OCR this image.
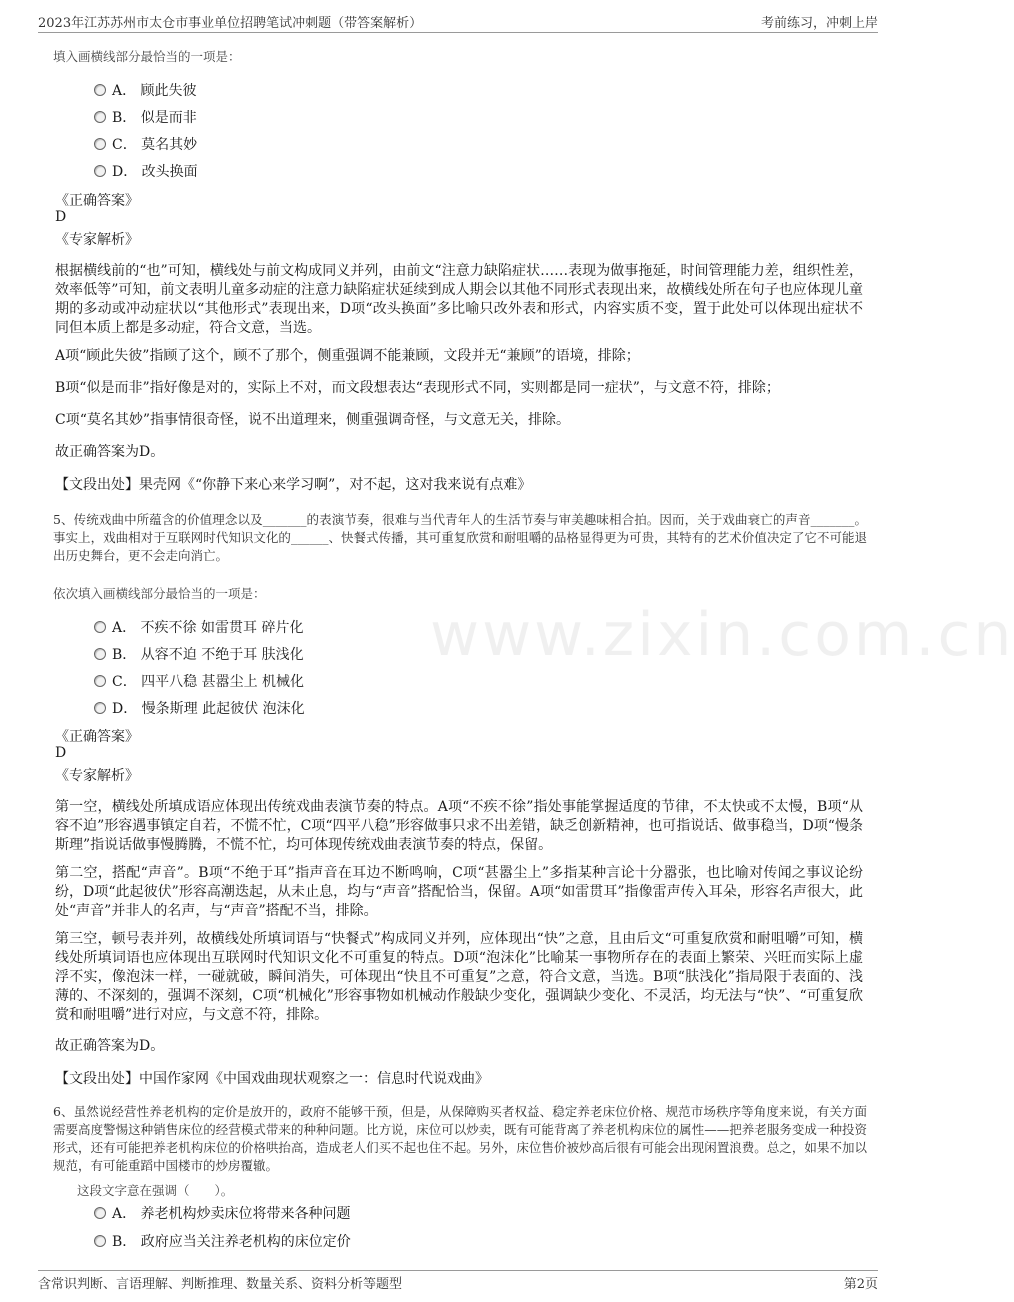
2023年江苏苏州市太仓市事业单位招聘笔试冲刺题（带答案解析）	考前练习，冲刺上岸
www.zixin.com.cn
填入画横线部分最恰当的一项是：
A． 顾此失彼
B． 似是而非
C． 莫名其妙
D． 改头换面
《正确答案》
D
《专家解析》
根据横线前的“也”可知，横线处与前文构成同义并列，由前文“注意力缺陷症状……表现为做事拖延，时间管理能力差，组织性差，效率低等”可知，前文表明儿童多动症的注意力缺陷症状延续到成人期会以其他不同形式表现出来，故横线处所在句子也应体现儿童期的多动或冲动症状以“其他形式”表现出来，D项“改头换面”多比喻只改外表和形式，内容实质不变，置于此处可以体现出症状不同但本质上都是多动症，符合文意，当选。
A项“顾此失彼”指顾了这个，顾不了那个，侧重强调不能兼顾，文段并无“兼顾”的语境，排除；
B项“似是而非”指好像是对的，实际上不对，而文段想表达“表现形式不同，实则都是同一症状”，与文意不符，排除；
C项“莫名其妙”指事情很奇怪，说不出道理来，侧重强调奇怪，与文意无关，排除。
故正确答案为D。
【文段出处】果壳网《“你静下来心来学习啊”，对不起，这对我来说有点难》
5、传统戏曲中所蕴含的价值理念以及_______的表演节奏，很难与当代青年人的生活节奏与审美趣味相合拍。因而，关于戏曲衰亡的声音_______。事实上，戏曲相对于互联网时代知识文化的______、快餐式传播，其可重复欣赏和耐咀嚼的品格显得更为可贵，其特有的艺术价值决定了它不可能退出历史舞台，更不会走向消亡。
依次填入画横线部分最恰当的一项是：
A． 不疾不徐 如雷贯耳 碎片化
B． 从容不迫 不绝于耳 肤浅化
C． 四平八稳 甚嚣尘上 机械化
D． 慢条斯理 此起彼伏 泡沫化
《正确答案》
D
《专家解析》
第一空，横线处所填成语应体现出传统戏曲表演节奏的特点。A项“不疾不徐”指处事能掌握适度的节律，不太快或不太慢，B项“从容不迫”形容遇事镇定自若，不慌不忙，C项“四平八稳”形容做事只求不出差错，缺乏创新精神，也可指说话、做事稳当，D项“慢条斯理”指说话做事慢腾腾，不慌不忙，均可体现传统戏曲表演节奏的特点，保留。
第二空，搭配“声音”。B项“不绝于耳”指声音在耳边不断鸣响，C项“甚嚣尘上”多指某种言论十分嚣张，也比喻对传闻之事议论纷纷，D项“此起彼伏”形容高潮迭起，从未止息，均与“声音”搭配恰当，保留。A项“如雷贯耳”指像雷声传入耳朵，形容名声很大，此处“声音”并非人的名声，与“声音”搭配不当，排除。
第三空，顿号表并列，故横线处所填词语与“快餐式”构成同义并列，应体现出“快”之意，且由后文“可重复欣赏和耐咀嚼”可知，横线处所填词语也应体现出互联网时代知识文化不可重复的特点。D项“泡沫化”比喻某一事物所存在的表面上繁荣、兴旺而实际上虚浮不实，像泡沫一样，一碰就破，瞬间消失，可体现出“快且不可重复”之意，符合文意，当选。B项“肤浅化”指局限于表面的、浅薄的、不深刻的，强调不深刻，C项“机械化”形容事物如机械动作般缺少变化，强调缺少变化、不灵活，均无法与“快”、“可重复欣赏和耐咀嚼”进行对应，与文意不符，排除。
故正确答案为D。
【文段出处】中国作家网《中国戏曲现状观察之一：信息时代说戏曲》
6、虽然说经营性养老机构的定价是放开的，政府不能够干预，但是，从保障购买者权益、稳定养老床位价格、规范市场秩序等角度来说，有关方面需要高度警惕这种销售床位的经营模式带来的种种问题。比方说，床位可以炒卖，既有可能背离了养老机构床位的属性——把养老服务变成一种投资形式，还有可能把养老机构床位的价格哄抬高，造成老人们买不起也住不起。另外，床位售价被炒高后很有可能会出现闲置浪费。总之，如果不加以规范，有可能重蹈中国楼市的炒房覆辙。
这段文字意在强调（　　）。
A． 养老机构炒卖床位将带来各种问题
B． 政府应当关注养老机构的床位定价
含常识判断、言语理解、判断推理、数量关系、资料分析等题型	第2页
